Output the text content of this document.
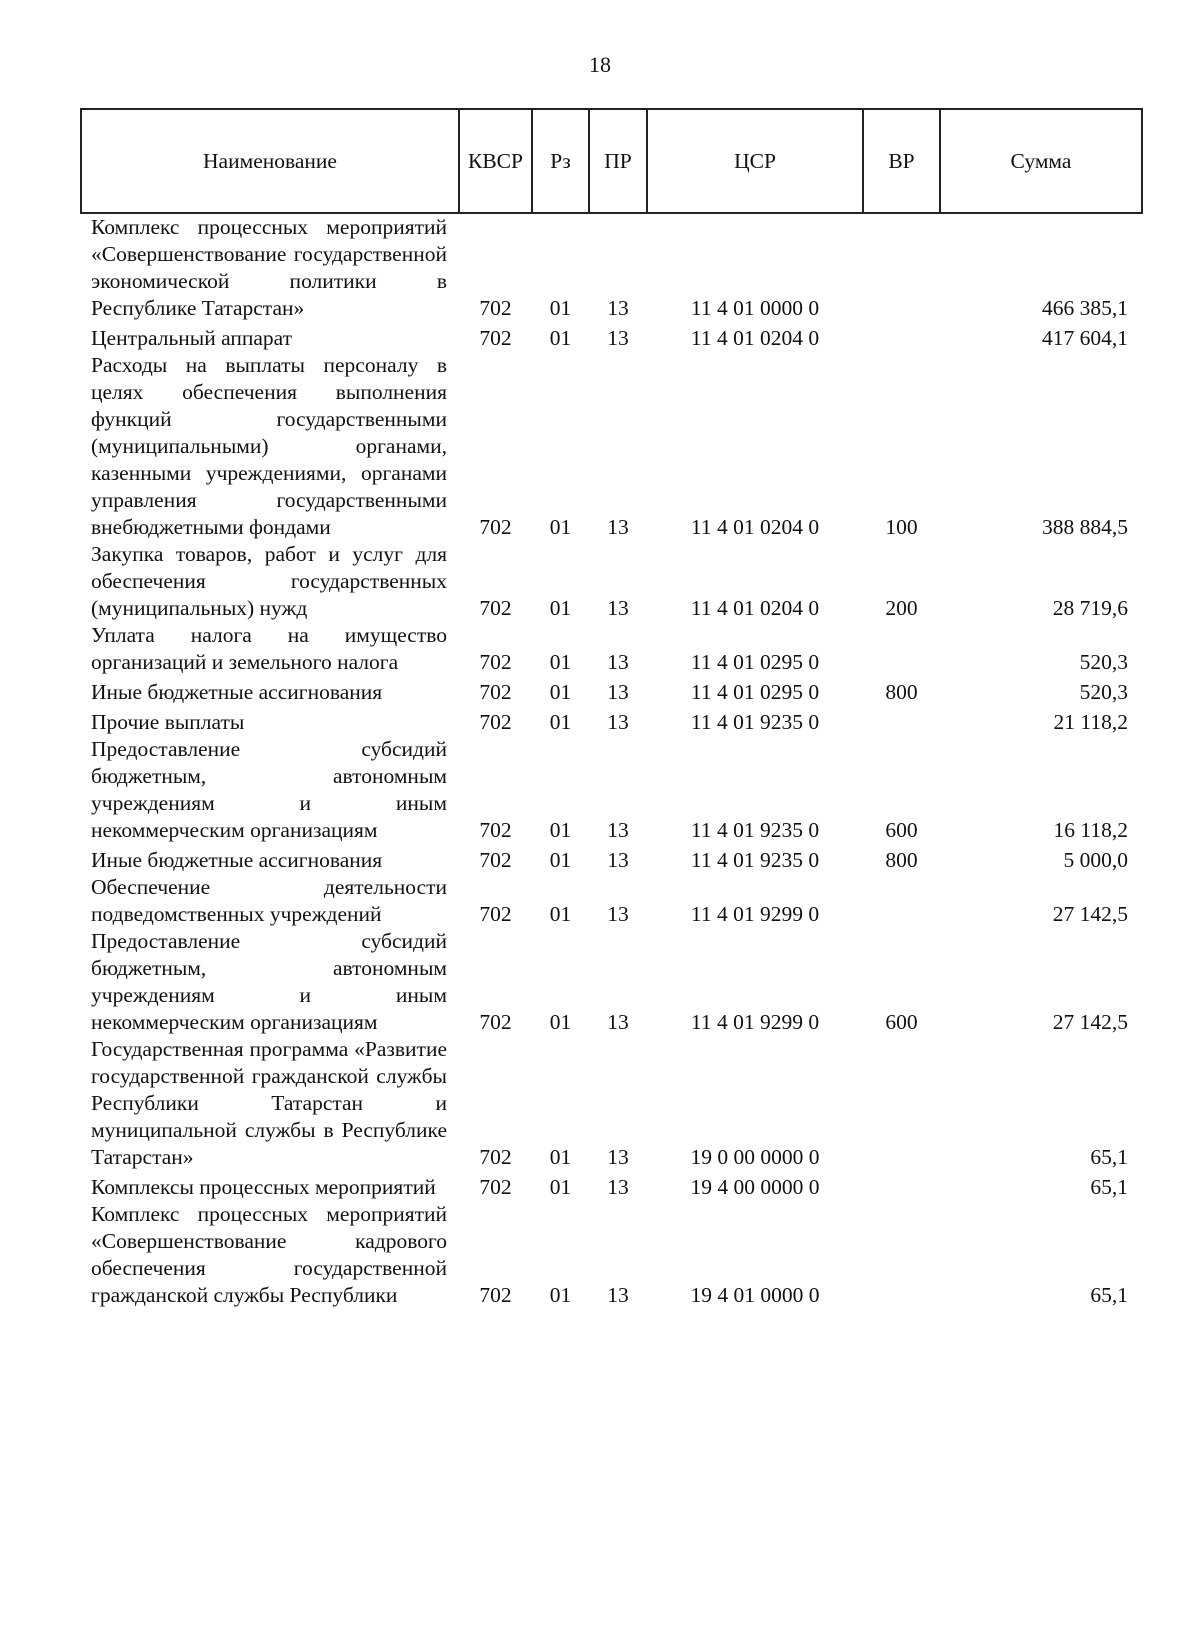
18
Наименование	КВСР	Рз	ПР	ЦСР	ВР	Сумма
Комплекс процессных мероприятий «Совершенствование государственной экономической политики в Республике Татарстан»	702	01	13	11 4 01 0000 0		466 385,1
Центральный аппарат	702	01	13	11 4 01 0204 0		417 604,1
Расходы на выплаты персоналу в целях обеспечения выполнения функций государственными (муниципальными) органами, казенными учреждениями, органами управления государственными внебюджетными фондами	702	01	13	11 4 01 0204 0	100	388 884,5
Закупка товаров, работ и услуг для обеспечения государственных (муниципальных) нужд	702	01	13	11 4 01 0204 0	200	28 719,6
Уплата налога на имущество организаций и земельного налога	702	01	13	11 4 01 0295 0		520,3
Иные бюджетные ассигнования	702	01	13	11 4 01 0295 0	800	520,3
Прочие выплаты	702	01	13	11 4 01 9235 0		21 118,2
Предоставление субсидий бюджетным, автономным учреждениям и иным некоммерческим организациям	702	01	13	11 4 01 9235 0	600	16 118,2
Иные бюджетные ассигнования	702	01	13	11 4 01 9235 0	800	5 000,0
Обеспечение деятельности подведомственных учреждений	702	01	13	11 4 01 9299 0		27 142,5
Предоставление субсидий бюджетным, автономным учреждениям и иным некоммерческим организациям	702	01	13	11 4 01 9299 0	600	27 142,5
Государственная программа «Развитие государственной гражданской службы Республики Татарстан и муниципальной службы в Республике Татарстан»	702	01	13	19 0 00 0000 0		65,1
Комплексы процессных мероприятий	702	01	13	19 4 00 0000 0		65,1
Комплекс процессных мероприятий «Совершенствование кадрового обеспечения государственной гражданской службы Республики	702	01	13	19 4 01 0000 0		65,1
